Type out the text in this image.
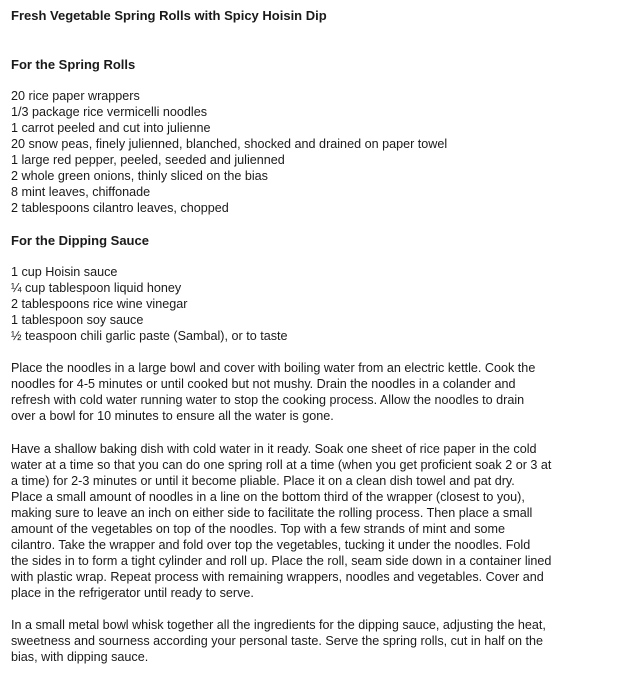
Fresh Vegetable Spring Rolls with Spicy Hoisin Dip
For the Spring Rolls
20 rice paper wrappers
1/3 package rice vermicelli noodles
1 carrot peeled and cut into julienne
20 snow peas, finely julienned, blanched, shocked and drained on paper towel
1 large red pepper, peeled, seeded and julienned
2 whole green onions, thinly sliced on the bias
8 mint leaves, chiffonade
2 tablespoons cilantro leaves, chopped
For the Dipping Sauce
1 cup Hoisin sauce
¼ cup tablespoon liquid honey
2 tablespoons rice wine vinegar
1 tablespoon soy sauce
½ teaspoon chili garlic paste (Sambal), or to taste

Place the noodles in a large bowl and cover with boiling water from an electric kettle. Cook the
noodles for 4-5 minutes or until cooked but not mushy. Drain the noodles in a colander and
refresh with cold water running water to stop the cooking process. Allow the noodles to drain
over a bowl for 10 minutes to ensure all the water is gone.

Have a shallow baking dish with cold water in it ready. Soak one sheet of rice paper in the cold
water at a time so that you can do one spring roll at a time (when you get proficient soak 2 or 3 at
a time) for 2-3 minutes or until it become pliable. Place it on a clean dish towel and pat dry.
Place a small amount of noodles in a line on the bottom third of the wrapper (closest to you),
making sure to leave an inch on either side to facilitate the rolling process. Then place a small
amount of the vegetables on top of the noodles. Top with a few strands of mint and some
cilantro. Take the wrapper and fold over top the vegetables, tucking it under the noodles. Fold
the sides in to form a tight cylinder and roll up. Place the roll, seam side down in a container lined
with plastic wrap. Repeat process with remaining wrappers, noodles and vegetables. Cover and
place in the refrigerator until ready to serve.

In a small metal bowl whisk together all the ingredients for the dipping sauce, adjusting the heat,
sweetness and sourness according your personal taste. Serve the spring rolls, cut in half on the
bias, with dipping sauce.
